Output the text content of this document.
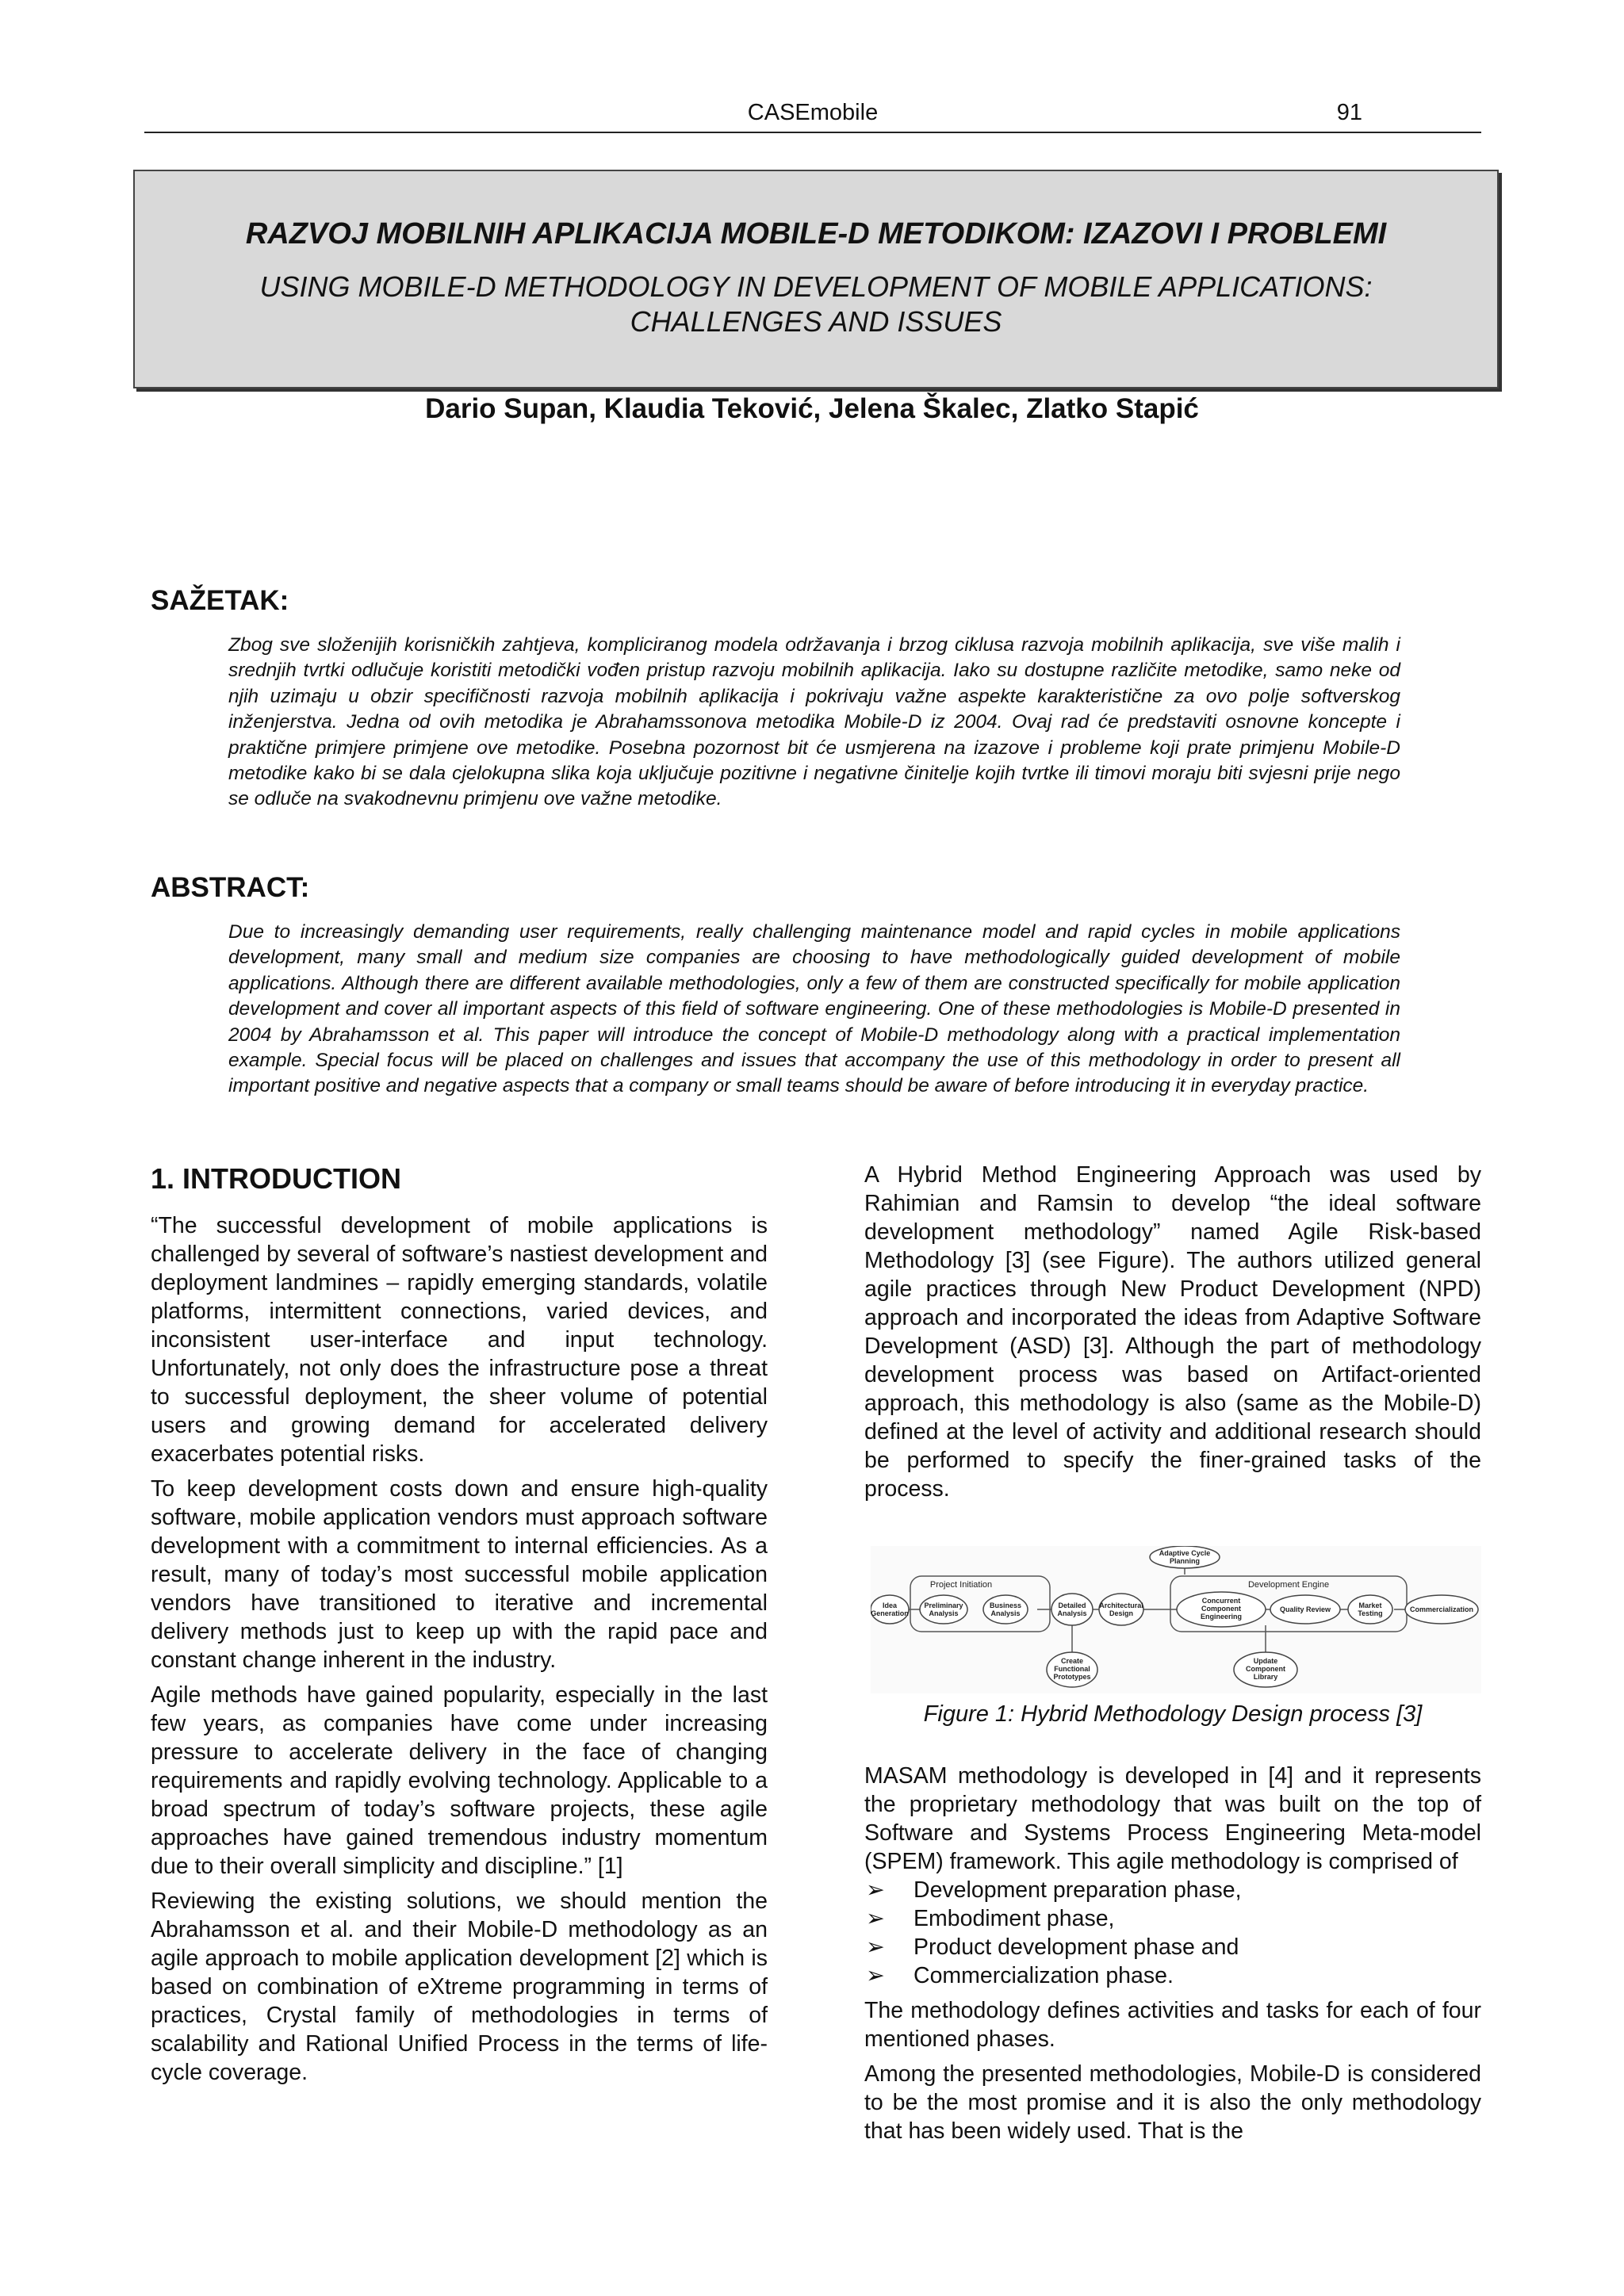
CASEmobile	91
RAZVOJ MOBILNIH APLIKACIJA MOBILE-D METODIKOM: IZAZOVI I PROBLEMI
USING MOBILE-D METHODOLOGY IN DEVELOPMENT OF MOBILE APPLICATIONS:
CHALLENGES AND ISSUES
Dario Supan, Klaudia Teković, Jelena Škalec, Zlatko Stapić
SAŽETAK:
Zbog sve složenijih korisničkih zahtjeva, kompliciranog modela održavanja i brzog ciklusa razvoja mobilnih aplikacija, sve više malih i srednjih tvrtki odlučuje koristiti metodički vođen pristup razvoju mobilnih aplikacija. Iako su dostupne različite metodike, samo neke od njih uzimaju u obzir specifičnosti razvoja mobilnih aplikacija i pokrivaju važne aspekte karakteristične za ovo polje softverskog inženjerstva. Jedna od ovih metodika je Abrahamssonova metodika Mobile-D iz 2004. Ovaj rad će predstaviti osnovne koncepte i praktične primjere primjene ove metodike. Posebna pozornost bit će usmjerena na izazove i probleme koji prate primjenu Mobile-D metodike kako bi se dala cjelokupna slika koja uključuje pozitivne i negativne činitelje kojih tvrtke ili timovi moraju biti svjesni prije nego se odluče na svakodnevnu primjenu ove važne metodike.
ABSTRACT:
Due to increasingly demanding user requirements, really challenging maintenance model and rapid cycles in mobile applications development, many small and medium size companies are choosing to have methodologically guided development of mobile applications. Although there are different available methodologies, only a few of them are constructed specifically for mobile application development and cover all important aspects of this field of software engineering. One of these methodologies is Mobile-D presented in 2004 by Abrahamsson et al. This paper will introduce the concept of Mobile-D methodology along with a practical implementation example. Special focus will be placed on challenges and issues that accompany the use of this methodology in order to present all important positive and negative aspects that a company or small teams should be aware of before introducing it in everyday practice.
1. INTRODUCTION

“The successful development of mobile applications is challenged by several of software’s nastiest development and deployment landmines – rapidly emerging standards, volatile platforms, intermittent connections, varied devices, and inconsistent user-interface and input technology. Unfortunately, not only does the infrastructure pose a threat to successful deployment, the sheer volume of potential users and growing demand for accelerated delivery exacerbates potential risks.

To keep development costs down and ensure high-quality software, mobile application vendors must approach software development with a commitment to internal efficiencies. As a result, many of today’s most successful mobile application vendors have transitioned to iterative and incremental delivery methods just to keep up with the rapid pace and constant change inherent in the industry.

Agile methods have gained popularity, especially in the last few years, as companies have come under increasing pressure to accelerate delivery in the face of changing requirements and rapidly evolving technology. Applicable to a broad spectrum of today’s software projects, these agile approaches have gained tremendous industry momentum due to their overall simplicity and discipline.” [1]

Reviewing the existing solutions, we should mention the Abrahamsson et al. and their Mobile-D methodology as an agile approach to mobile application development [2] which is based on combination of eXtreme programming in terms of practices, Crystal family of methodologies in terms of scalability and Rational Unified Process in the terms of life-cycle coverage.

A Hybrid Method Engineering Approach was used by Rahimian and Ramsin to develop “the ideal software development methodology” named Agile Risk-based Methodology [3] (see Figure). The authors utilized general agile practices through New Product Development (NPD) approach and incorporated the ideas from Adaptive Software Development (ASD) [3]. Although the part of methodology development process was based on Artifact-oriented approach, this methodology is also (same as the Mobile-D) defined at the level of activity and additional research should be performed to specify the finer-grained tasks of the process.

Project Initiation	Development Engine
Adaptive Cycle
Planning
Idea
Generation
Preliminary
Analysis
Business
Analysis
Detailed
Analysis
Architectural
Design
Concurrent
Component
Engineering
Quality Review	Market
Testing	Commercialization
Create
Functional
Prototypes
Update
Component
Library
Figure 1: Hybrid Methodology Design process [3]

MASAM methodology is developed in [4] and it represents the proprietary methodology that was built on the top of Software and Systems Process Engineering Meta-model (SPEM) framework. This agile methodology is comprised of

➢ Development preparation phase,
➢ Embodiment phase,
➢ Product development phase and
➢ Commercialization phase.

The methodology defines activities and tasks for each of four mentioned phases.

Among the presented methodologies, Mobile-D is considered to be the most promise and it is also the only methodology that has been widely used. That is the
